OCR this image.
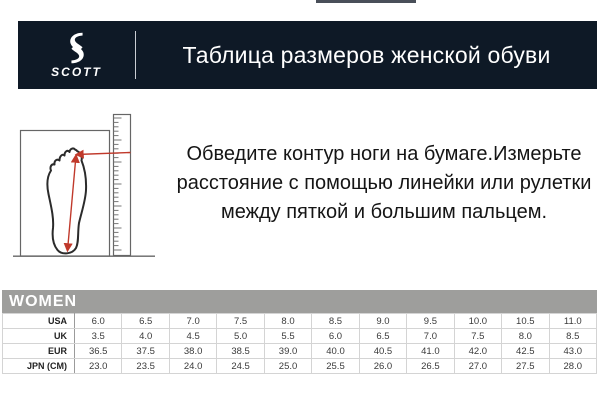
SCOTT
Таблица размеров женской обуви
Обведите контур ноги на бумаге.Измерьте
расстояние с помощью линейки или рулетки
между пяткой и большим пальцем.
WOMEN
USA	6.0	6.5	7.0	7.5	8.0	8.5	9.0	9.5	10.0	10.5	11.0
UK	3.5	4.0	4.5	5.0	5.5	6.0	6.5	7.0	7.5	8.0	8.5
EUR	36.5	37.5	38.0	38.5	39.0	40.0	40.5	41.0	42.0	42.5	43.0
JPN (CM)	23.0	23.5	24.0	24.5	25.0	25.5	26.0	26.5	27.0	27.5	28.0
